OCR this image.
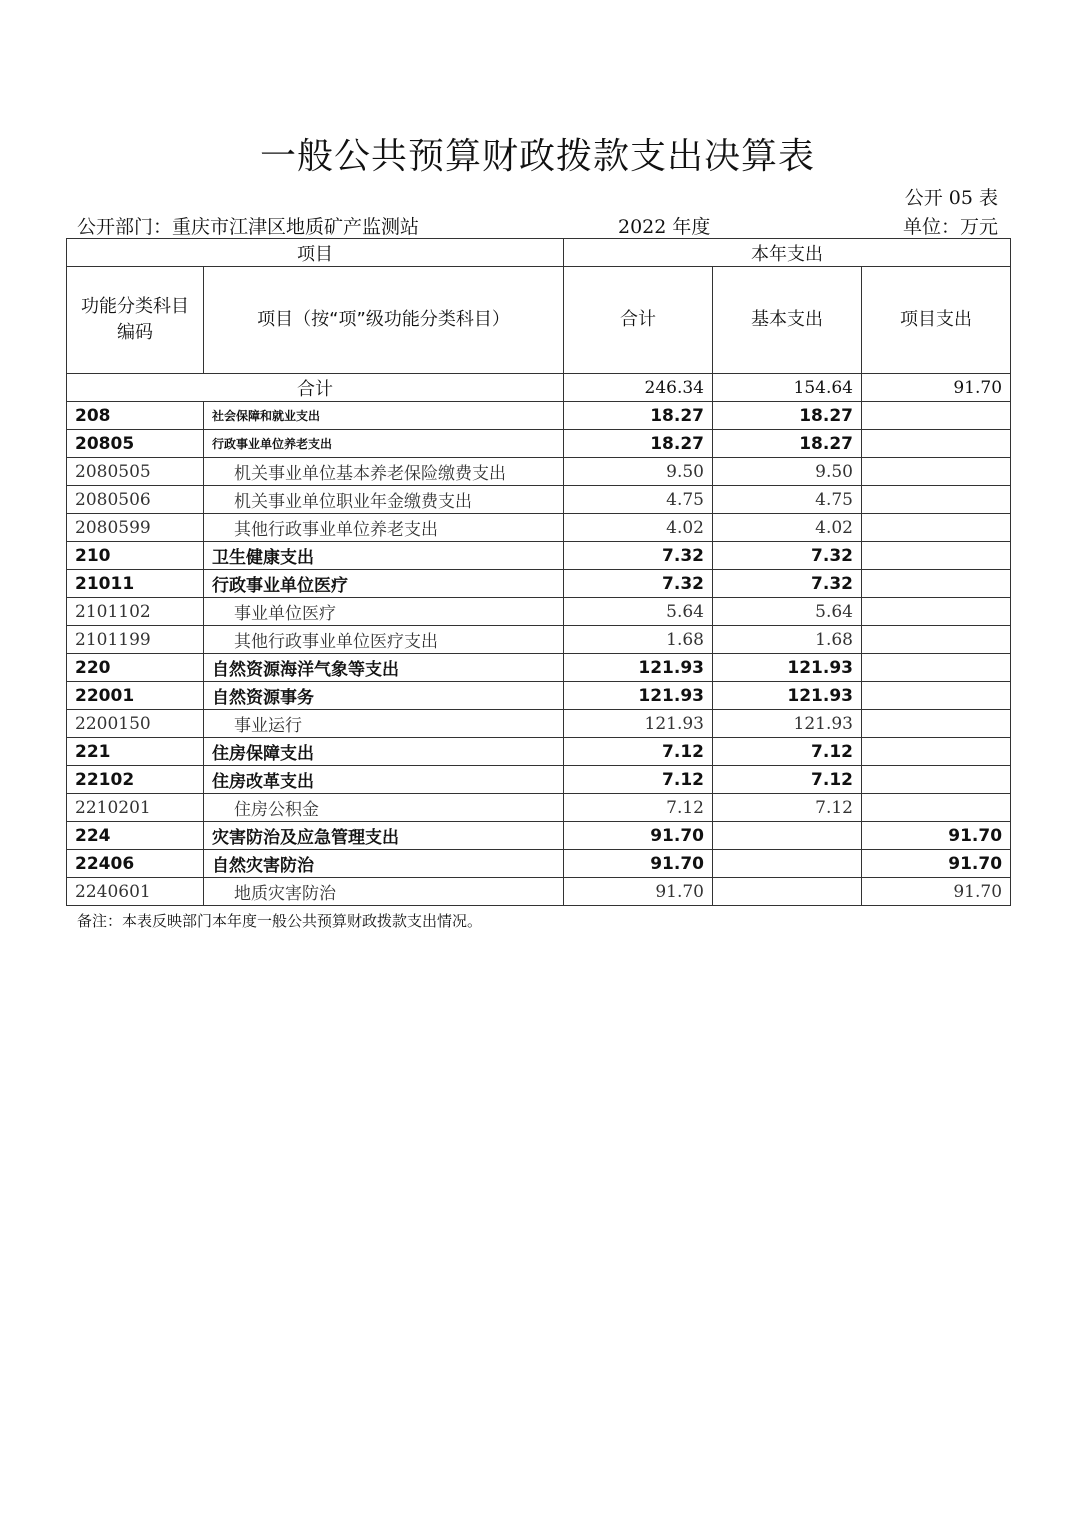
一般公共预算财政拨款支出决算表
公开 05 表
公开部门：重庆市江津区地质矿产监测站	2022 年度	单位：万元
项目		本年支出		
功能分类科目编码	项目（按“项”级功能分类科目）	合计	基本支出	项目支出
合计		246.34	154.64	91.70
208	社会保障和就业支出	18.27	18.27	
20805	行政事业单位养老支出	18.27	18.27	
2080505	机关事业单位基本养老保险缴费支出	9.50	9.50	
2080506	机关事业单位职业年金缴费支出	4.75	4.75	
2080599	其他行政事业单位养老支出	4.02	4.02	
210	卫生健康支出	7.32	7.32	
21011	行政事业单位医疗	7.32	7.32	
2101102	事业单位医疗	5.64	5.64	
2101199	其他行政事业单位医疗支出	1.68	1.68	
220	自然资源海洋气象等支出	121.93	121.93	
22001	自然资源事务	121.93	121.93	
2200150	事业运行	121.93	121.93	
221	住房保障支出	7.12	7.12	
22102	住房改革支出	7.12	7.12	
2210201	住房公积金	7.12	7.12	
224	灾害防治及应急管理支出	91.70		91.70
22406	自然灾害防治	91.70		91.70
2240601	地质灾害防治	91.70		91.70
备注：本表反映部门本年度一般公共预算财政拨款支出情况。
